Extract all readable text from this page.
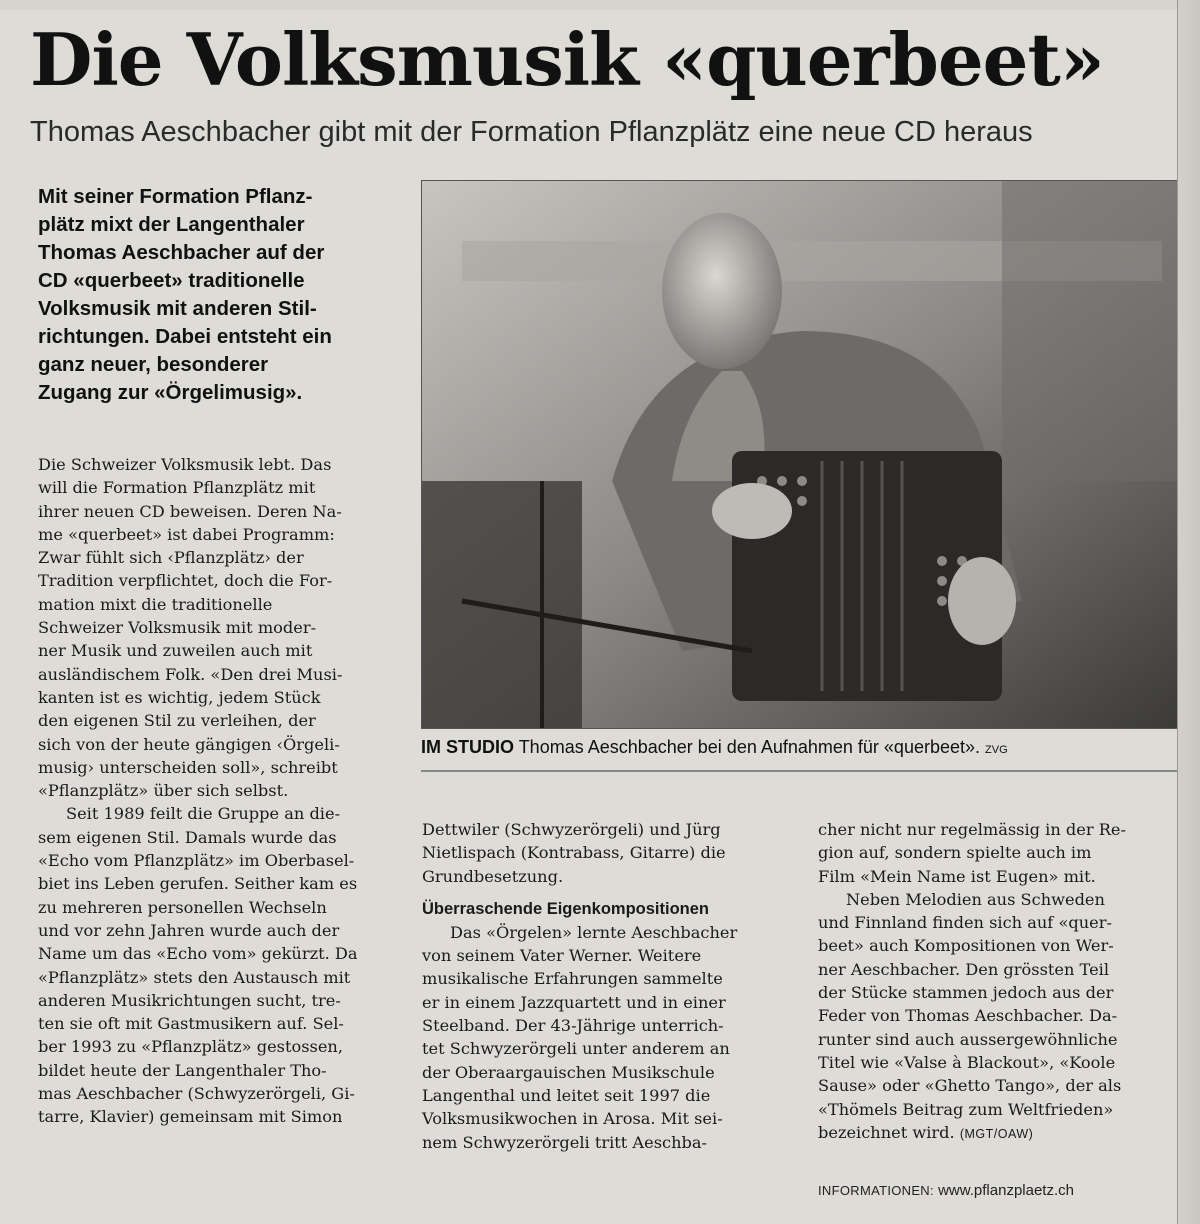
Die Volksmusik «querbeet»
Thomas Aeschbacher gibt mit der Formation Pflanzplätz eine neue CD heraus
Mit seiner Formation Pflanz-
plätz mixt der Langenthaler
Thomas Aeschbacher auf der
CD «querbeet» traditionelle
Volksmusik mit anderen Stil-
richtungen. Dabei entsteht ein
ganz neuer, besonderer
Zugang zur «Örgelimusig».
Die Schweizer Volksmusik lebt. Das
will die Formation Pflanzplätz mit
ihrer neuen CD beweisen. Deren Na-
me «querbeet» ist dabei Programm:
Zwar fühlt sich ‹Pflanzplätz› der
Tradition verpflichtet, doch die For-
mation mixt die traditionelle
Schweizer Volksmusik mit moder-
ner Musik und zuweilen auch mit
ausländischem Folk. «Den drei Musi-
kanten ist es wichtig, jedem Stück
den eigenen Stil zu verleihen, der
sich von der heute gängigen ‹Örgeli-
musig› unterscheiden soll», schreibt
«Pflanzplätz» über sich selbst.
Seit 1989 feilt die Gruppe an die-
sem eigenen Stil. Damals wurde das
«Echo vom Pflanzplätz» im Oberbasel-
biet ins Leben gerufen. Seither kam es
zu mehreren personellen Wechseln
und vor zehn Jahren wurde auch der
Name um das «Echo vom» gekürzt. Da
«Pflanzplätz» stets den Austausch mit
anderen Musikrichtungen sucht, tre-
ten sie oft mit Gastmusikern auf. Sel-
ber 1993 zu «Pflanzplätz» gestossen,
bildet heute der Langenthaler Tho-
mas Aeschbacher (Schwyzerörgeli, Gi-
tarre, Klavier) gemeinsam mit Simon
IM STUDIO Thomas Aeschbacher bei den Aufnahmen für «querbeet». ZVG
Dettwiler (Schwyzerörgeli) und Jürg
Nietlispach (Kontrabass, Gitarre) die
Grundbesetzung.
Überraschende Eigenkompositionen
Das «Örgelen» lernte Aeschbacher
von seinem Vater Werner. Weitere
musikalische Erfahrungen sammelte
er in einem Jazzquartett und in einer
Steelband. Der 43-Jährige unterrich-
tet Schwyzerörgeli unter anderem an
der Oberaargauischen Musikschule
Langenthal und leitet seit 1997 die
Volksmusikwochen in Arosa. Mit sei-
nem Schwyzerörgeli tritt Aeschba-
cher nicht nur regelmässig in der Re-
gion auf, sondern spielte auch im
Film «Mein Name ist Eugen» mit.
Neben Melodien aus Schweden
und Finnland finden sich auf «quer-
beet» auch Kompositionen von Wer-
ner Aeschbacher. Den grössten Teil
der Stücke stammen jedoch aus der
Feder von Thomas Aeschbacher. Da-
runter sind auch aussergewöhnliche
Titel wie «Valse à Blackout», «Koole
Sause» oder «Ghetto Tango», der als
«Thömels Beitrag zum Weltfrieden»
bezeichnet wird. (MGT/OAW)
INFORMATIONEN: www.pflanzplaetz.ch
